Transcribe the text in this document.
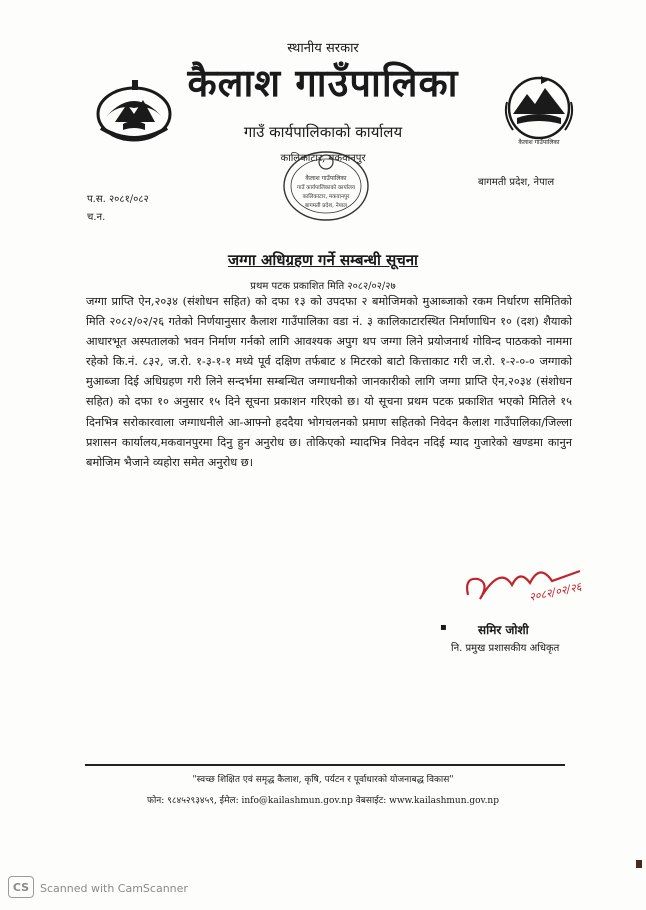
स्थानीय सरकार
कैलाश गाउँपालिका
गाउँ कार्यपालिकाको कार्यालय
कालिकाटार, मकवानपुर
कैलाश गाउँपालिका
कैलाश गाउँपालिका
गाउँ कार्यपालिकाको कार्यालय
कालिकाटार, मकवानपुर
बागमती प्रदेश, नेपाल
बागमती प्रदेश, नेपाल
प.स. २०८१/०८२
च.न.
जग्गा अधिग्रहण गर्ने सम्बन्धी सूचना
प्रथम पटक प्रकाशित मिति २०८२/०२/२७
जग्गा प्राप्ति ऐन,२०३४ (संशोधन सहित) को दफा १३ को उपदफा २ बमोजिमको मुआब्जाको रकम निर्धारण समितिको मिति २०८२/०२/२६ गतेको निर्णयानुसार कैलाश गाउँपालिका वडा नं. ३ कालिकाटारस्थित निर्माणाधिन १० (दश) शैयाको आधारभूत अस्पतालको भवन निर्माण गर्नको लागि आवश्यक अपुग थप जग्गा लिने प्रयोजनार्थ गोविन्द पाठकको नाममा रहेको कि.नं. ८३२, ज.रो. १-३-१-१ मध्ये पूर्व दक्षिण तर्फबाट ४ मिटरको बाटो कित्ताकाट गरी ज.रो. १-२-०-० जग्गाको मुआब्जा दिई अधिग्रहण गरी लिने सन्दर्भमा सम्बन्धित जग्गाधनीको जानकारीको लागि जग्गा प्राप्ति ऐन,२०३४ (संशोधन सहित) को दफा १० अनुसार १५ दिने सूचना प्रकाशन गरिएको छ। यो सूचना प्रथम पटक प्रकाशित भएको मितिले १५ दिनभित्र सरोकारवाला जग्गाधनीले आ-आफ्नो हददैया भोगचलनको प्रमाण सहितको निवेदन कैलाश गाउँपालिका/जिल्ला प्रशासन कार्यालय,मकवानपुरमा दिनु हुन अनुरोध छ। तोकिएको म्यादभित्र निवेदन नदिई म्याद गुजारेको खण्डमा कानुन बमोजिम भैजाने व्यहोरा समेत अनुरोध छ।
२०८२/०२/२६
▪	समिर जोशी
नि. प्रमुख प्रशासकीय अधिकृत
"स्वच्छ शिक्षित एवं समृद्ध कैलाश, कृषि, पर्यटन र पूर्वाधारको योजनाबद्ध विकास"
फोन: ९८४५२९३४५९, ईमेल: info@kailashmun.gov.np वेबसाईट: www.kailashmun.gov.np
CS Scanned with CamScanner
